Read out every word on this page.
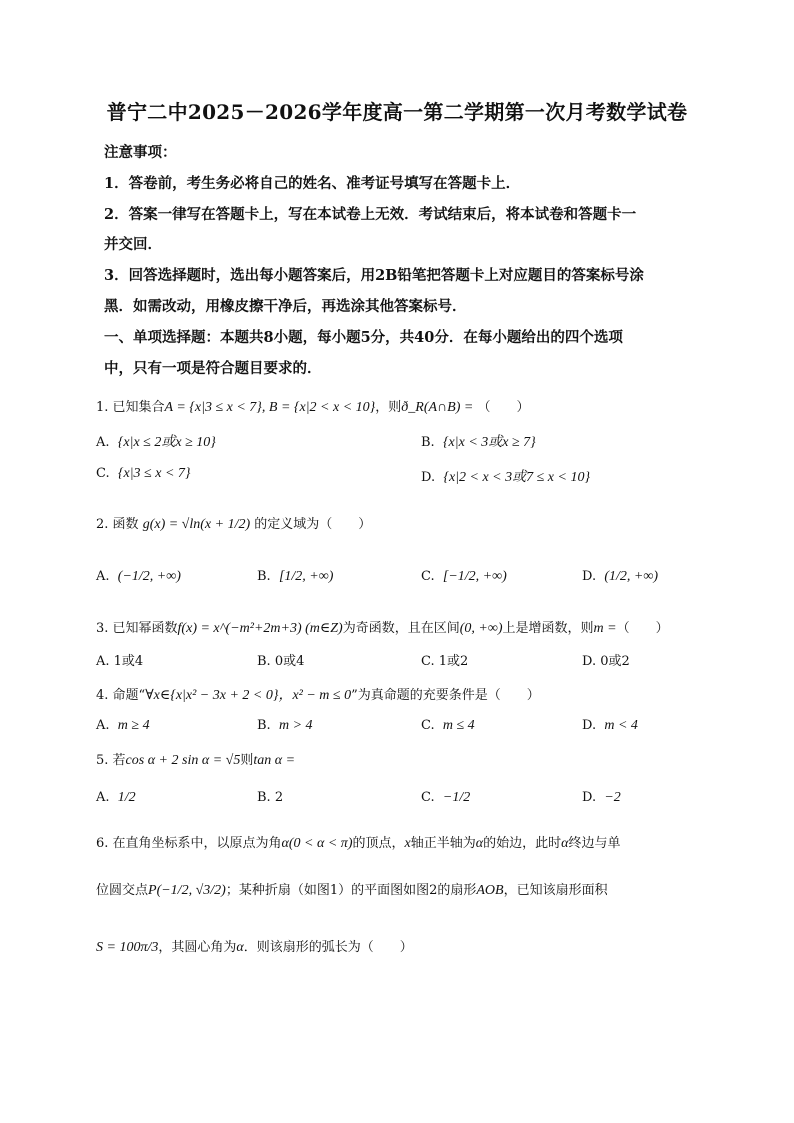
普宁二中2025－2026学年度高一第二学期第一次月考数学试卷
注意事项：
1．答卷前，考生务必将自己的姓名、准考证号填写在答题卡上．
2．答案一律写在答题卡上，写在本试卷上无效．考试结束后，将本试卷和答题卡一
并交回．
3．回答选择题时，选出每小题答案后，用2B铅笔把答题卡上对应题目的答案标号涂
黑．如需改动，用橡皮擦干净后，再选涂其他答案标号．
一、单项选择题：本题共8小题，每小题5分，共40分．在每小题给出的四个选项
中，只有一项是符合题目要求的．
1. 已知集合A = {x|3 ≤ x < 7}, B = {x|2 < x < 10}，则ð_R(A∩B) = （　　）
A. {x|x ≤ 2或x ≥ 10}	B. {x|x < 3或x ≥ 7}
C. {x|3 ≤ x < 7}	D. {x|2 < x < 3或7 ≤ x < 10}
2. 函数 g(x) = √ln(x + 1/2) 的定义域为（　　）
A. (−1/2, +∞)	B. [1/2, +∞)	C. [−1/2, +∞)	D. (1/2, +∞)
3. 已知幂函数f(x) = x^(−m²+2m+3) (m∈Z)为奇函数，且在区间(0, +∞)上是增函数，则m =（　　）
A. 1或4	B. 0或4	C. 1或2	D. 0或2
4. 命题“∀x∈{x|x² − 3x + 2 < 0}，x² − m ≤ 0”为真命题的充要条件是（　　）
A. m ≥ 4	B. m > 4	C. m ≤ 4	D. m < 4
5. 若cos α + 2 sin α = √5则tan α =
A. 1/2	B. 2	C. −1/2	D. −2
6. 在直角坐标系中，以原点为角α(0 < α < π)的顶点，x轴正半轴为α的始边，此时α终边与单
位圆交点P(−1/2, √3/2)；某种折扇（如图1）的平面图如图2的扇形AOB，已知该扇形面积
S = 100π/3，其圆心角为α．则该扇形的弧长为（　　）
